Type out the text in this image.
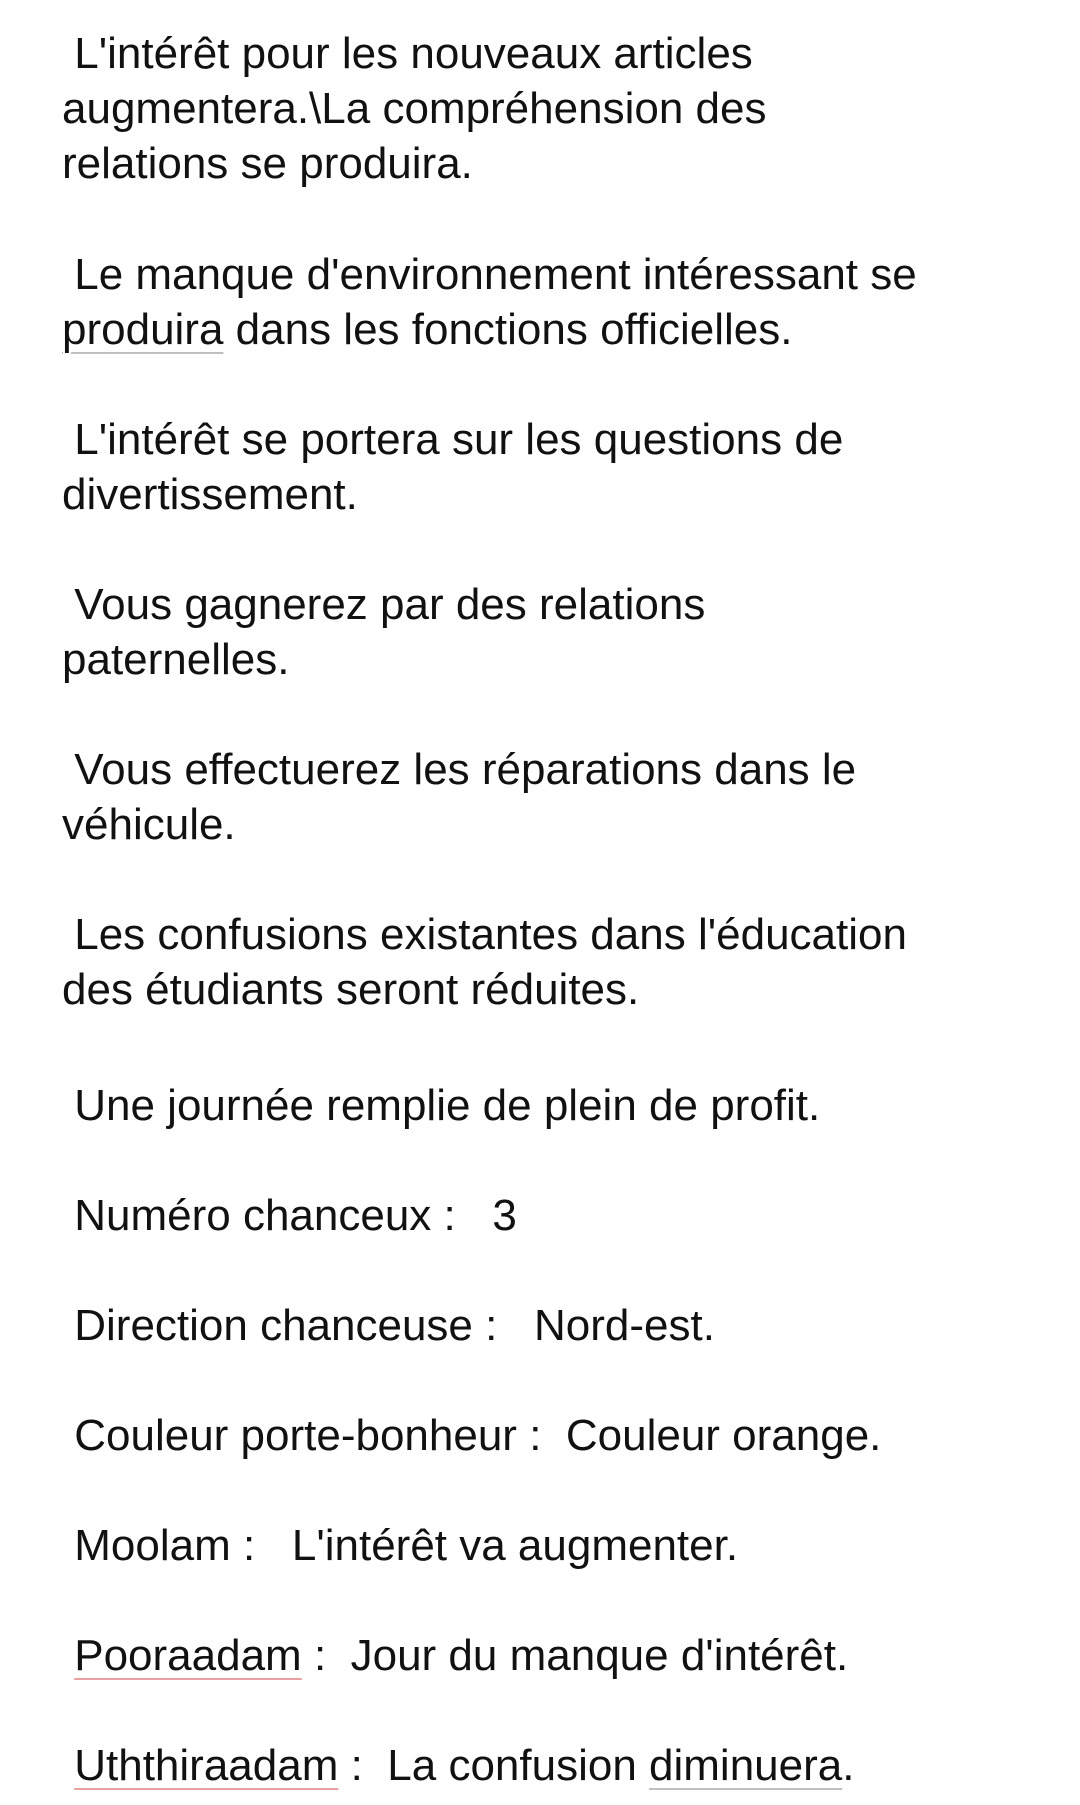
L'intérêt pour les nouveaux articles
augmentera.\La compréhension des
relations se produira.

Le manque d'environnement intéressant se
produira dans les fonctions officielles.

L'intérêt se portera sur les questions de
divertissement.

Vous gagnerez par des relations
paternelles.

Vous effectuerez les réparations dans le
véhicule.

Les confusions existantes dans l'éducation
des étudiants seront réduites.

Une journée remplie de plein de profit.

Numéro chanceux :   3

Direction chanceuse :   Nord-est.

Couleur porte-bonheur :  Couleur orange.

Moolam :   L'intérêt va augmenter.

Pooraadam :  Jour du manque d'intérêt.

Uththiraadam :  La confusion diminuera.
